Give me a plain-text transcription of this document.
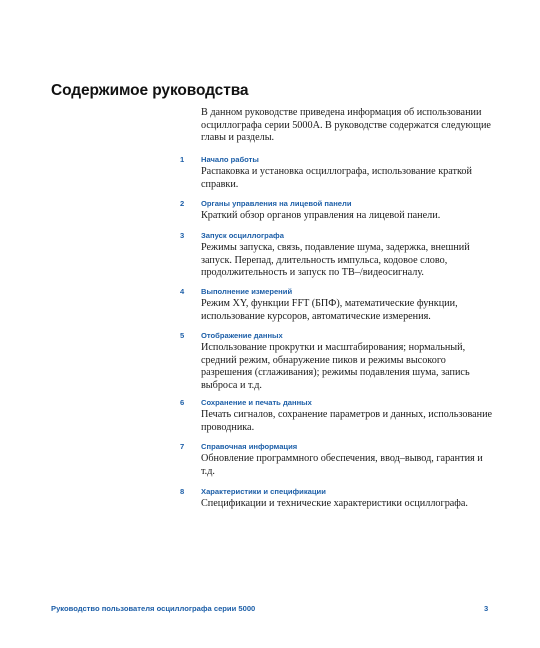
Содержимое руководства
В данном руководстве приведена информация об использовании осциллографа серии 5000A. В руководстве содержатся следующие главы и разделы.
1 Начало работы
Распаковка и установка осциллографа, использование краткой справки.
2 Органы управления на лицевой панели
Краткий обзор органов управления на лицевой панели.
3 Запуск осциллографа
Режимы запуска, связь, подавление шума, задержка, внешний запуск. Перепад, длительность импульса, кодовое слово, продолжительность и запуск по ТВ–/видеосигналу.
4 Выполнение измерений
Режим XY, функции FFT (БПФ), математические функции, использование курсоров, автоматические измерения.
5 Отображение данных
Использование прокрутки и масштабирования; нормальный, средний режим, обнаружение пиков и режимы высокого разрешения (сглаживания); режимы подавления шума, запись выброса и т.д.
6 Сохранение и печать данных
Печать сигналов, сохранение параметров и данных, использование проводника.
7 Справочная информация
Обновление программного обеспечения, ввод–вывод, гарантия и т.д.
8 Характеристики и спецификации
Спецификации и технические характеристики осциллографа.
Руководство пользователя осциллографа серии 5000	3
